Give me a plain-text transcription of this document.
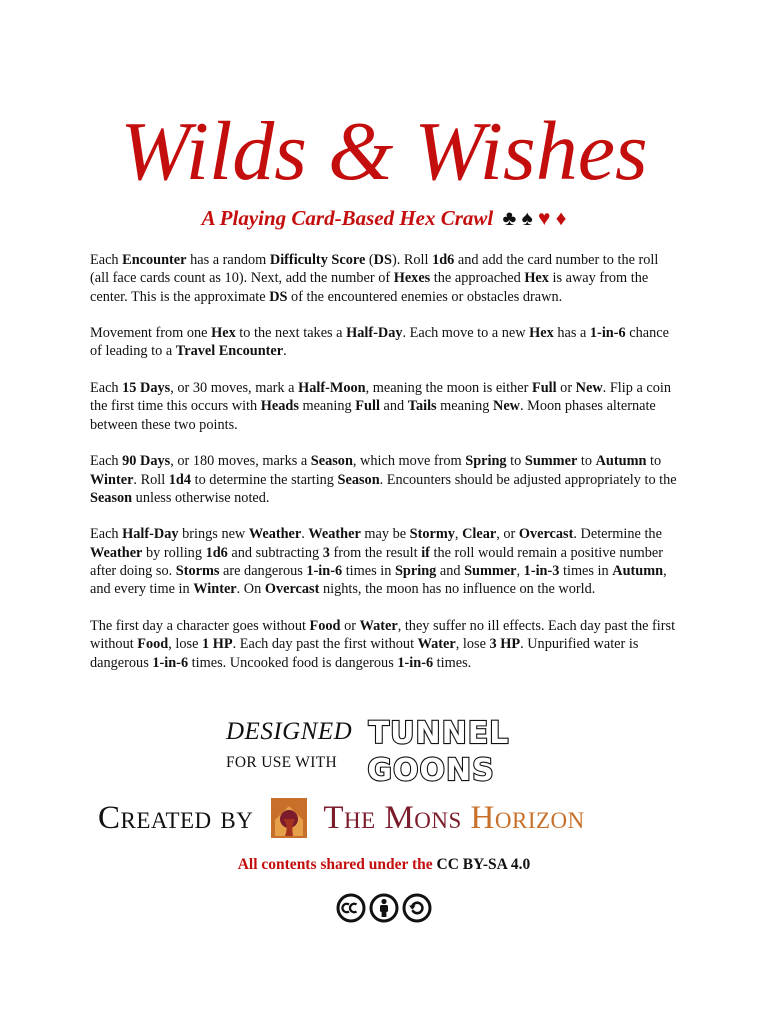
Wilds & Wishes
A Playing Card-Based Hex Crawl ♣ ♠ ♥ ♦

Each Encounter has a random Difficulty Score (DS). Roll 1d6 and add the card number to the roll (all face cards count as 10). Next, add the number of Hexes the approached Hex is away from the center. This is the approximate DS of the encountered enemies or obstacles drawn.

Movement from one Hex to the next takes a Half-Day. Each move to a new Hex has a 1-in-6 chance of leading to a Travel Encounter.

Each 15 Days, or 30 moves, mark a Half-Moon, meaning the moon is either Full or New. Flip a coin the first time this occurs with Heads meaning Full and Tails meaning New. Moon phases alternate between these two points.

Each 90 Days, or 180 moves, marks a Season, which move from Spring to Summer to Autumn to Winter. Roll 1d4 to determine the starting Season. Encounters should be adjusted appropriately to the Season unless otherwise noted.

Each Half-Day brings new Weather. Weather may be Stormy, Clear, or Overcast. Determine the Weather by rolling 1d6 and subtracting 3 from the result if the roll would remain a positive number after doing so. Storms are dangerous 1-in-6 times in Spring and Summer, 1-in-3 times in Autumn, and every time in Winter. On Overcast nights, the moon has no influence on the world.

The first day a character goes without Food or Water, they suffer no ill effects. Each day past the first without Food, lose 1 HP. Each day past the first without Water, lose 3 HP. Unpurified water is dangerous 1-in-6 times. Uncooked food is dangerous 1-in-6 times.

DESIGNED
FOR USE WITH
TUNNEL
GOONS
Created by The Mons Horizon
All contents shared under the CC BY-SA 4.0
